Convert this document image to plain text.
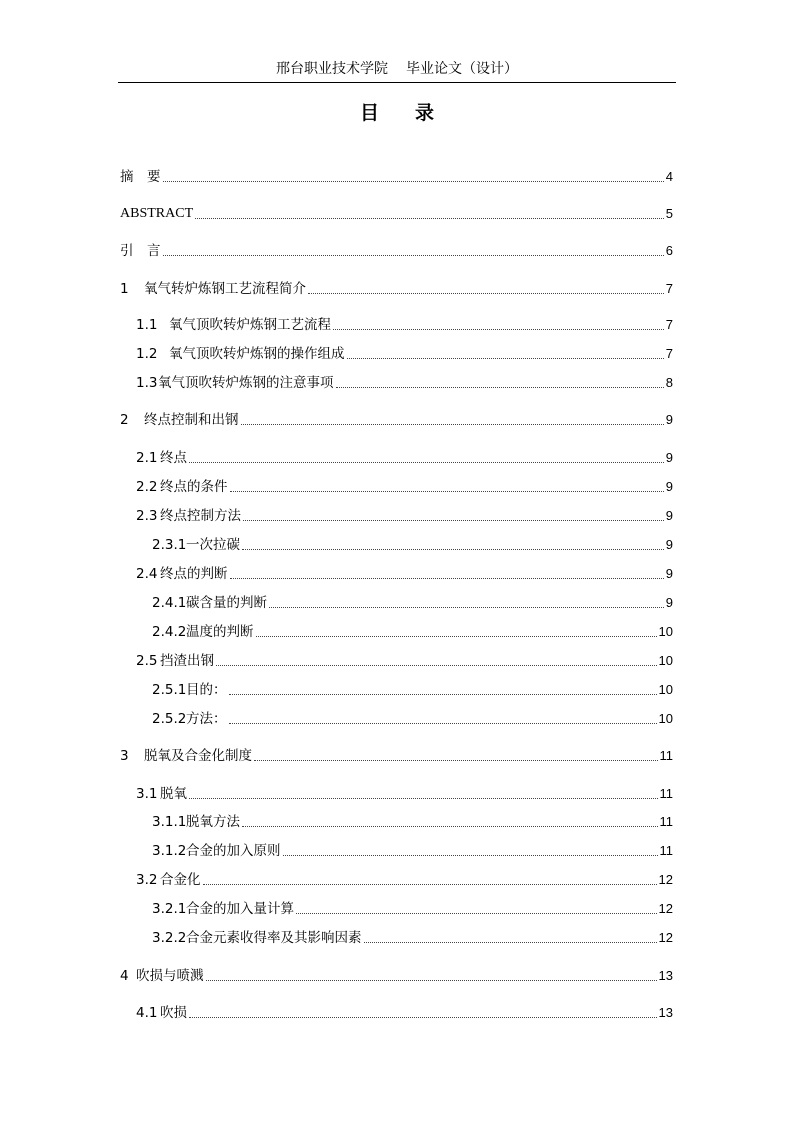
邢台职业技术学院 毕业论文（设计）
目 录
摘　要	4
ABSTRACT	5
引　言	6
1	氧气转炉炼钢工艺流程简介	7
1.1 氧气顶吹转炉炼钢工艺流程	7
1.2 氧气顶吹转炉炼钢的操作组成	7
1.3 氧气顶吹转炉炼钢的注意事项	8
2	终点控制和出钢	9
2.1 终点	9
2.2 终点的条件	9
2.3 终点控制方法	9
2.3.1 一次拉碳	9
2.4 终点的判断	9
2.4.1 碳含量的判断	9
2.4.2 温度的判断	10
2.5 挡渣出钢	10
2.5.1 目的：	10
2.5.2 方法：	10
3	脱氧及合金化制度	11
3.1 脱氧	11
3.1.1 脱氧方法	11
3.1.2 合金的加入原则	11
3.2 合金化	12
3.2.1 合金的加入量计算	12
3.2.2 合金元素收得率及其影响因素	12
4 吹损与喷溅	13
4.1 吹损	13
